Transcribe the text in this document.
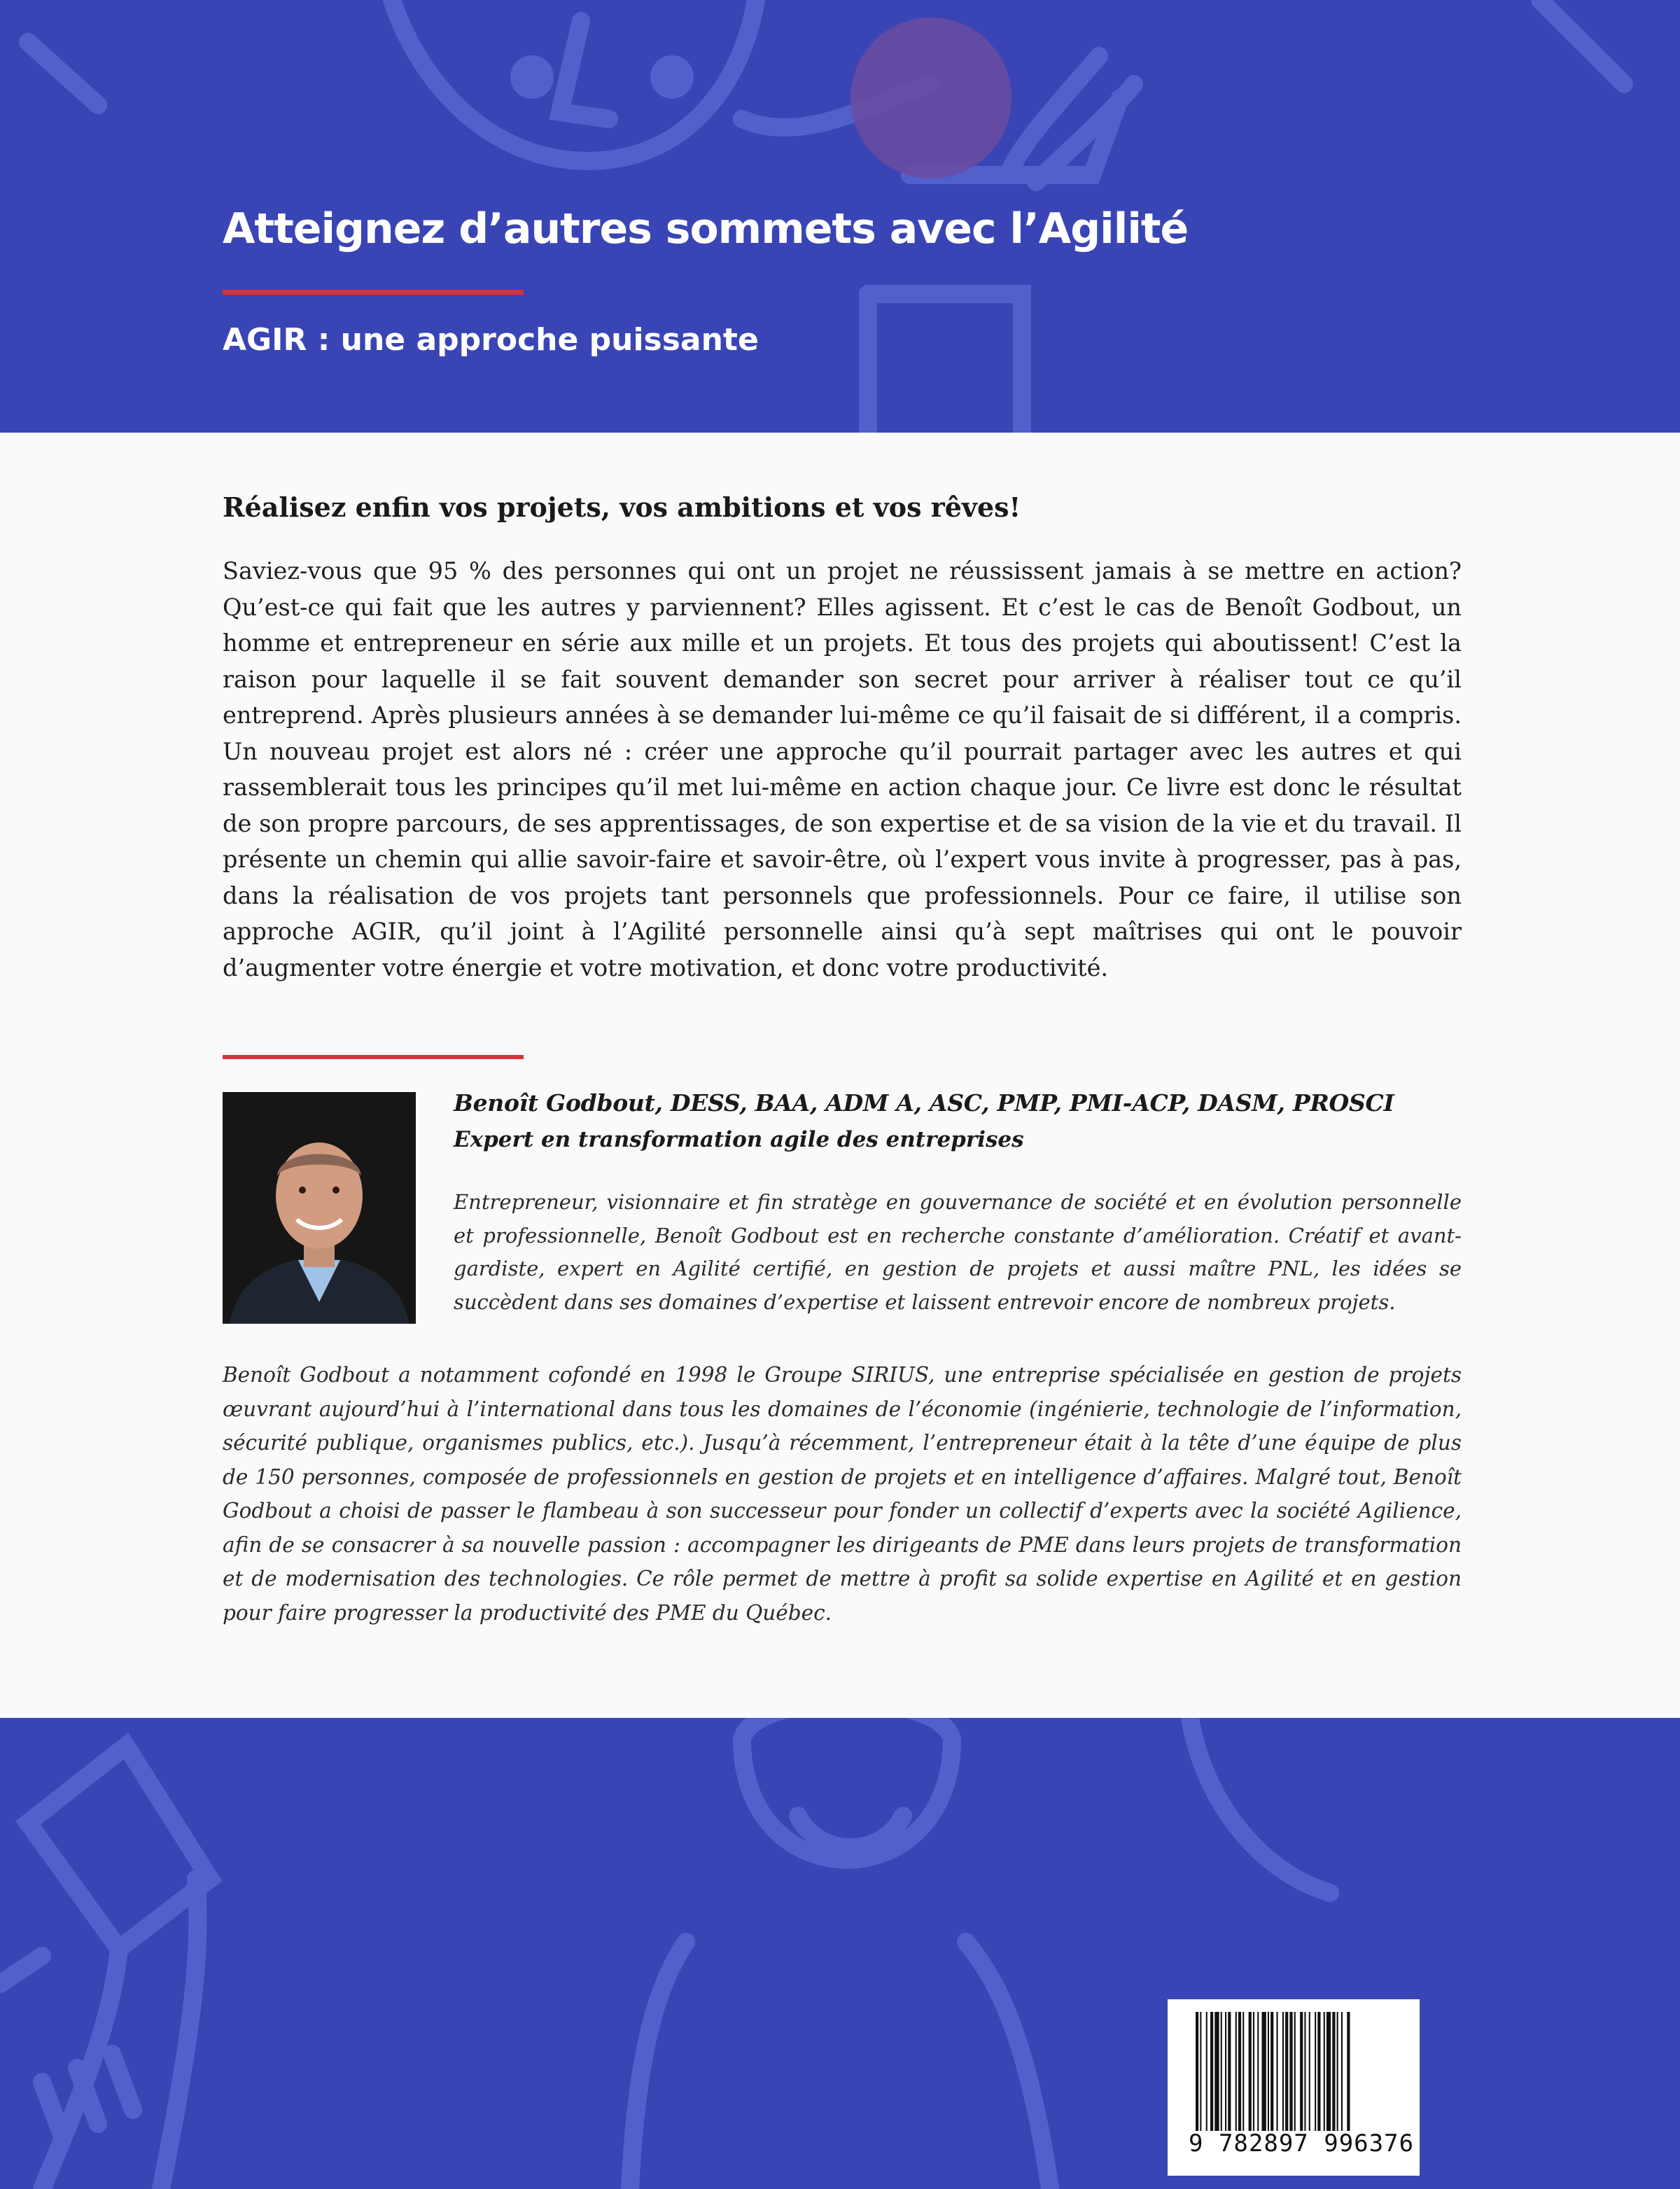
Atteignez d’autres sommets avec l’Agilité
AGIR : une approche puissante
Réalisez enfin vos projets, vos ambitions et vos rêves!

Saviez-vous que 95 % des personnes qui ont un projet ne réussissent jamais à se mettre en action? Qu’est-ce qui fait que les autres y parviennent? Elles agissent. Et c’est le cas de Benoît Godbout, un homme et entrepreneur en série aux mille et un projets. Et tous des projets qui aboutissent! C’est la raison pour laquelle il se fait souvent demander son secret pour arriver à réaliser tout ce qu’il entreprend. Après plusieurs années à se demander lui-même ce qu’il faisait de si différent, il a compris. Un nouveau projet est alors né : créer une approche qu’il pourrait partager avec les autres et qui rassemblerait tous les principes qu’il met lui-même en action chaque jour. Ce livre est donc le résultat de son propre parcours, de ses apprentissages, de son expertise et de sa vision de la vie et du travail. Il présente un chemin qui allie savoir-faire et savoir-être, où l’expert vous invite à progresser, pas à pas, dans la réalisation de vos projets tant personnels que professionnels. Pour ce faire, il utilise son approche AGIR, qu’il joint à l’Agilité personnelle ainsi qu’à sept maîtrises qui ont le pouvoir d’augmenter votre énergie et votre motivation, et donc votre productivité.

Benoît Godbout, DESS, BAA, ADM A, ASC, PMP, PMI-ACP, DASM, PROSCI
Expert en transformation agile des entreprises

Entrepreneur, visionnaire et fin stratège en gouvernance de société et en évolution personnelle et professionnelle, Benoît Godbout est en recherche constante d’amélioration. Créatif et avant-gardiste, expert en Agilité certifié, en gestion de projets et aussi maître PNL, les idées se succèdent dans ses domaines d’expertise et laissent entrevoir encore de nombreux projets.

Benoît Godbout a notamment cofondé en 1998 le Groupe SIRIUS, une entreprise spécialisée en gestion de projets œuvrant aujourd’hui à l’international dans tous les domaines de l’économie (ingénierie, technologie de l’information, sécurité publique, organismes publics, etc.). Jusqu’à récemment, l’entrepreneur était à la tête d’une équipe de plus de 150 personnes, composée de professionnels en gestion de projets et en intelligence d’affaires. Malgré tout, Benoît Godbout a choisi de passer le flambeau à son successeur pour fonder un collectif d’experts avec la société Agilience, afin de se consacrer à sa nouvelle passion : accompagner les dirigeants de PME dans leurs projets de transformation et de modernisation des technologies. Ce rôle permet de mettre à profit sa solide expertise en Agilité et en gestion pour faire progresser la productivité des PME du Québec.

9 782897 996376
